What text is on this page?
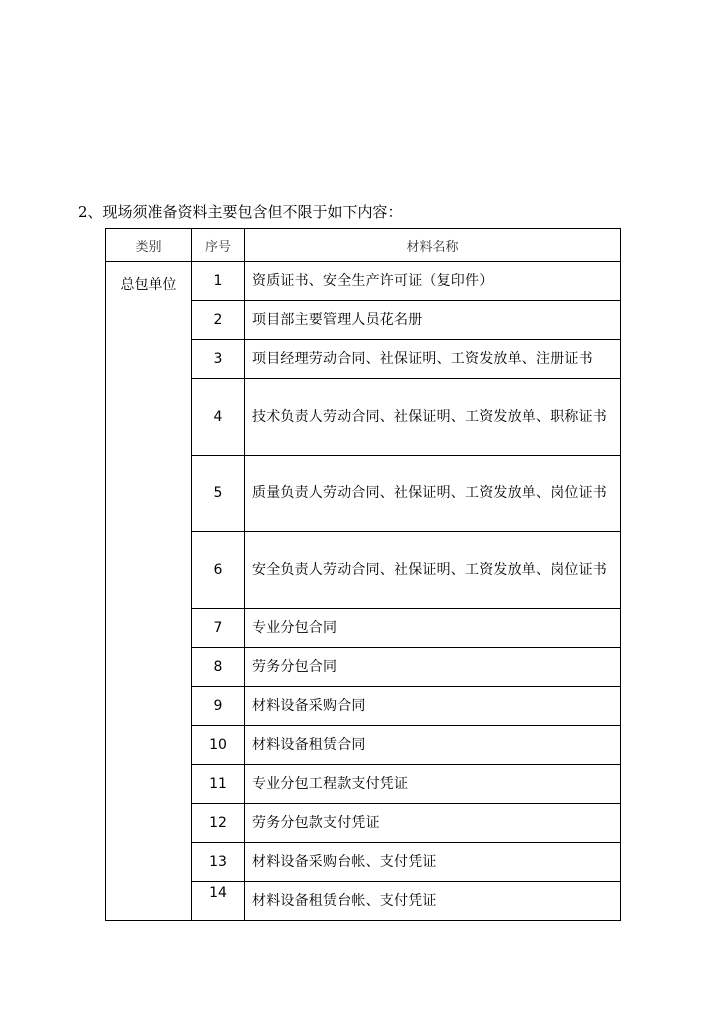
2、现场须准备资料主要包含但不限于如下内容：
类别	序号	材料名称
总包单位	1	资质证书、安全生产许可证（复印件）
	2	项目部主要管理人员花名册
	3	项目经理劳动合同、社保证明、工资发放单、注册证书
	4	技术负责人劳动合同、社保证明、工资发放单、职称证书
	5	质量负责人劳动合同、社保证明、工资发放单、岗位证书
	6	安全负责人劳动合同、社保证明、工资发放单、岗位证书
	7	专业分包合同
	8	劳务分包合同
	9	材料设备采购合同
	10	材料设备租赁合同
	11	专业分包工程款支付凭证
	12	劳务分包款支付凭证
	13	材料设备采购台帐、支付凭证
	14	材料设备租赁台帐、支付凭证
